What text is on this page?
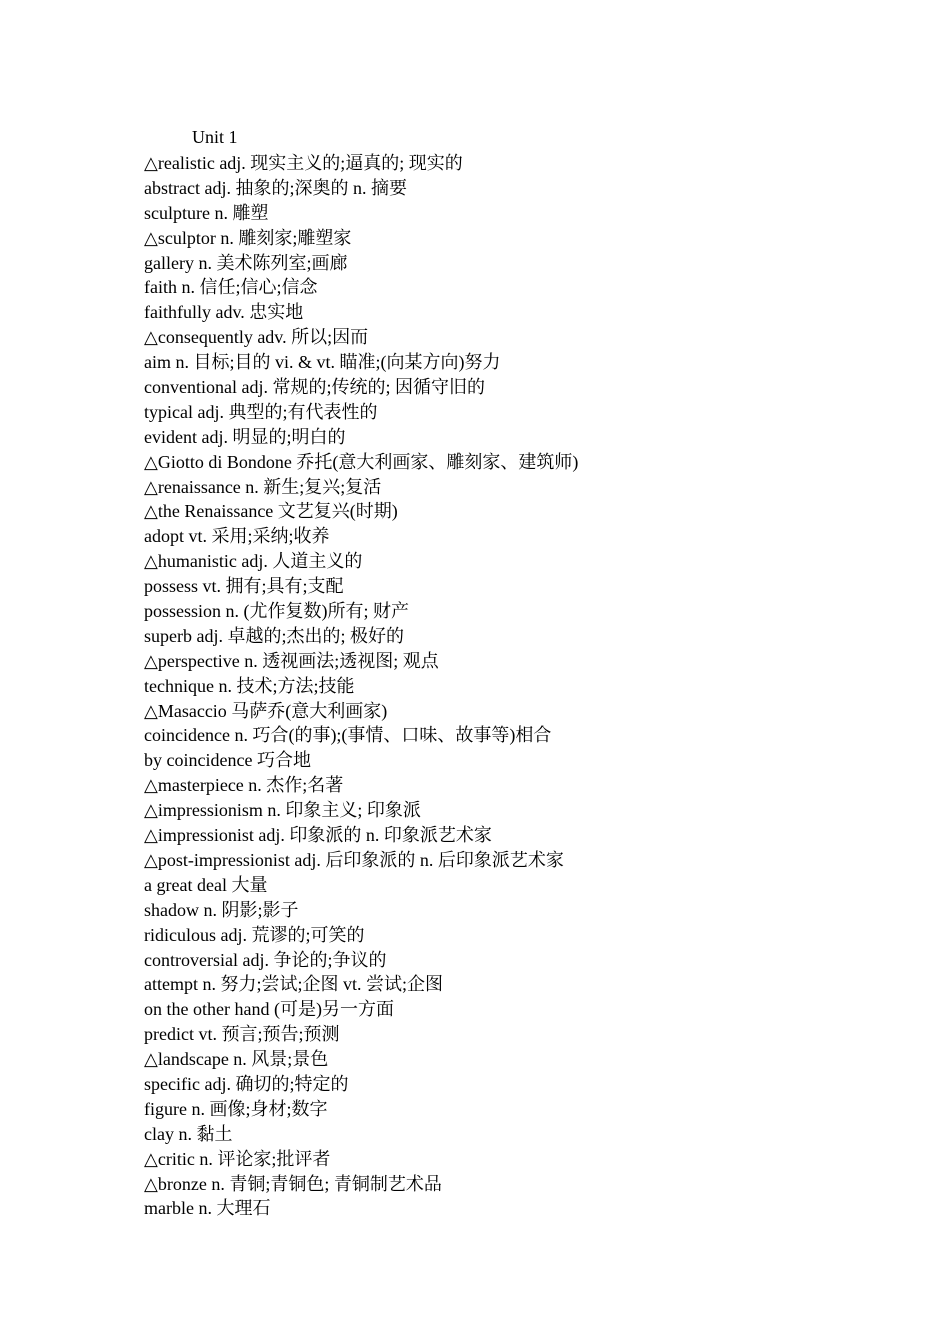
Unit 1
△realistic adj. 现实主义的;逼真的; 现实的
abstract adj. 抽象的;深奥的 n. 摘要
sculpture n. 雕塑
△sculptor n. 雕刻家;雕塑家
gallery n. 美术陈列室;画廊
faith n. 信任;信心;信念
faithfully adv. 忠实地
△consequently adv. 所以;因而
aim n. 目标;目的 vi. & vt. 瞄准;(向某方向)努力
conventional adj. 常规的;传统的; 因循守旧的
typical adj. 典型的;有代表性的
evident adj. 明显的;明白的
△Giotto di Bondone 乔托(意大利画家、雕刻家、建筑师)
△renaissance n. 新生;复兴;复活
△the Renaissance 文艺复兴(时期)
adopt vt. 采用;采纳;收养
△humanistic adj. 人道主义的
possess vt. 拥有;具有;支配
possession n. (尤作复数)所有; 财产
superb adj. 卓越的;杰出的; 极好的
△perspective n. 透视画法;透视图; 观点
technique n. 技术;方法;技能
△Masaccio 马萨乔(意大利画家)
coincidence n. 巧合(的事);(事情、口味、故事等)相合
by coincidence 巧合地
△masterpiece n. 杰作;名著
△impressionism n. 印象主义; 印象派
△impressionist adj. 印象派的 n. 印象派艺术家
△post-impressionist adj. 后印象派的 n. 后印象派艺术家
a great deal 大量
shadow n. 阴影;影子
ridiculous adj. 荒谬的;可笑的
controversial adj. 争论的;争议的
attempt n. 努力;尝试;企图 vt. 尝试;企图
on the other hand (可是)另一方面
predict vt. 预言;预告;预测
△landscape n. 风景;景色
specific adj. 确切的;特定的
figure n. 画像;身材;数字
clay n. 黏土
△critic n. 评论家;批评者
△bronze n. 青铜;青铜色; 青铜制艺术品
marble n. 大理石
